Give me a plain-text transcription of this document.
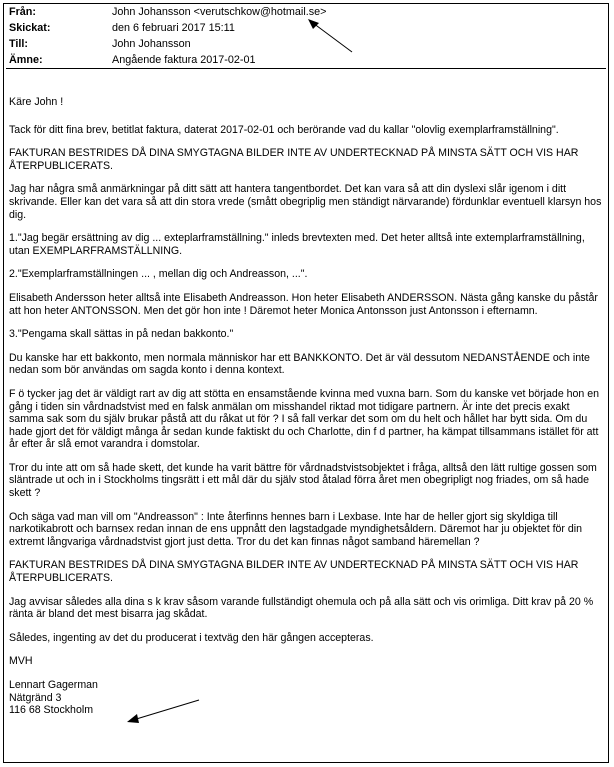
Från:	John Johansson <verutschkow@hotmail.se>
Skickat:	den 6 februari 2017 15:11
Till:	John Johansson
Ämne:	Angående faktura 2017-02-01

Käre John !

Tack för ditt fina brev, betitlat faktura, daterat 2017-02-01 och berörande vad du kallar "olovlig exemplarframställning".

FAKTURAN BESTRIDES DÅ DINA SMYGTAGNA BILDER INTE AV UNDERTECKNAD PÅ MINSTA SÄTT OCH VIS HAR ÅTERPUBLICERATS.

Jag har några små anmärkningar på ditt sätt att hantera tangentbordet. Det kan vara så att din dyslexi slår igenom i ditt skrivande. Eller kan det vara så att din stora vrede (smått obegriplig men ständigt närvarande) fördunklar eventuell klarsyn hos dig.

1."Jag begär ersättning av dig ... exteplarframställning." inleds brevtexten med. Det heter alltså inte extemplarframställning, utan EXEMPLARFRAMSTÄLLNING.

2."Exemplarframställningen ... , mellan dig och Andreasson, ...".

Elisabeth Andersson heter alltså inte Elisabeth Andreasson. Hon heter Elisabeth ANDERSSON. Nästa gång kanske du påstår att hon heter ANTONSSON. Men det gör hon inte ! Däremot heter Monica Antonsson just Antonsson i efternamn.

3."Pengama skall sättas in på nedan bakkonto."

Du kanske har ett bakkonto, men normala människor har ett BANKKONTO. Det är väl dessutom NEDANSTÅENDE och inte nedan som bör användas om sagda konto i denna kontext.

F ö tycker jag det är väldigt rart av dig att stötta en ensamstående kvinna med vuxna barn. Som du kanske vet började hon en gång i tiden sin vårdnadstvist med en falsk anmälan om misshandel riktad mot tidigare partnern. Är inte det precis exakt samma sak som du själv brukar påstå att du råkat ut för ? I så fall verkar det som om du helt och hållet har bytt sida. Om du hade gjort det för väldigt många år sedan kunde faktiskt du och Charlotte, din f d partner, ha kämpat tillsammans istället för att år efter år slå emot varandra i domstolar.

Tror du inte att om så hade skett, det kunde ha varit bättre för vårdnadstvistsobjektet i fråga, alltså den lätt rultige gossen som släntrade ut och in i Stockholms tingsrätt i ett mål där du själv stod åtalad förra året men obegripligt nog friades, om så hade skett ?

Och säga vad man vill om "Andreasson" : Inte återfinns hennes barn i Lexbase. Inte har de heller gjort sig skyldiga till narkotikabrott och barnsex redan innan de ens uppnått den lagstadgade myndighetsåldern. Däremot har ju objektet för din extremt långvariga vårdnadstvist gjort just detta. Tror du det kan finnas något samband häremellan ?

FAKTURAN BESTRIDES DÅ DINA SMYGTAGNA BILDER INTE AV UNDERTECKNAD PÅ MINSTA SÄTT OCH VIS HAR ÅTERPUBLICERATS.

Jag avvisar således alla dina s k krav såsom varande fullständigt ohemula och på alla sätt och vis orimliga. Ditt krav på 20 % ränta är bland det mest bisarra jag skådat.

Således, ingenting av det du producerat i textväg den här gången accepteras.

MVH

Lennart Gagerman

Nätgränd 3

116 68 Stockholm
